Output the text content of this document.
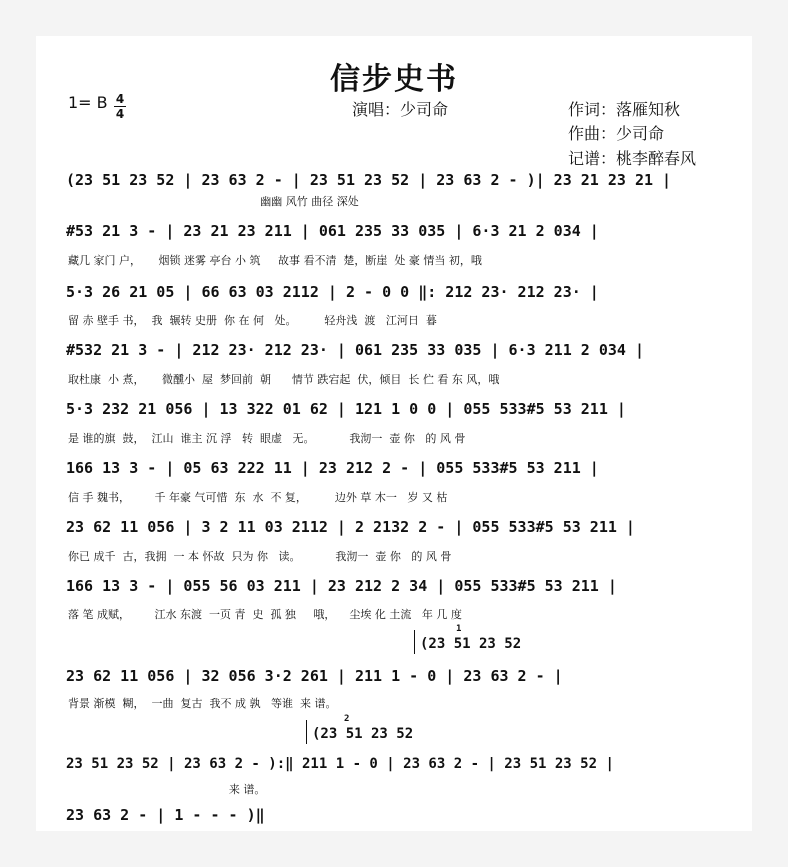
信步史书
1= B 4
4	演唱：少司命	作词：落雁知秋
作曲：少司命
记谱：桃李醉春风
(23 51 23 52 | 23 63 2 - | 23 51 23 52 | 23 63 2 - )| 23 21 23 21 |
幽幽 风竹 曲径 深处
#53 21 3 - | 23 21 23 211 | 061 235 33 035 | 6·3 21 2 034 |
藏几 家门 户，     烟锁 迷雾 亭台 小 筑     故事 看不清  楚，断崖  处 豪 情当 初，哦
5·3 26 21 05 | 66 63 03 2112 | 2 - 0 0 ‖: 212 23· 212 23· |
留 赤 壁手 书，  我  辗转 史册  你 在 何   处。        轻舟浅  渡   江河日  暮
#532 21 3 - | 212 23· 212 23· | 061 235 33 035 | 6·3 211 2 034 |
取杜康  小 煮，     微醺小  屋  梦回前  朝      情节 跌宕起  伏，倾目  长 伫 看 东 风，哦
5·3 232 21 056 | 13 322 01 62 | 121 1 0 0 | 055 533#5 53 211 |
是 谁的旗  鼓，  江山  谁主 沉 浮   转  眼虚   无。          我沏一  壶 你   的 风 骨
166 13 3 - | 05 63 222 11 | 23 212 2 - | 055 533#5 53 211 |
信 手 魏书，       千 年豪 气可惜  东  水  不 复，        边外 草 木一   岁 又 枯
23 62 11 056 | 3 2 11 03 2112 | 2 2132 2 - | 055 533#5 53 211 |
你已 成千  古，我拥  一 本 怀故  只为 你   读。          我沏一  壶 你   的 风 骨
166 13 3 - | 055 56 03 211 | 23 212 2 34 | 055 533#5 53 211 |
落 笔 成赋，       江水 东渡  一页 青  史  孤 独     哦，    尘埃 化 土流   年 几 度
1
(23 51 23 52
23 62 11 056 | 32 056 3·2 261 | 211 1 - 0 | 23 63 2 - |
背景 渐模  糊，  一曲  复古  我不 成 孰   等谁  来 谱。
2
(23 51 23 52
23 51 23 52 | 23 63 2 - ):‖ 211 1 - 0 | 23 63 2 - | 23 51 23 52 |
来 谱。
23 63 2 - | 1 - - - )‖
